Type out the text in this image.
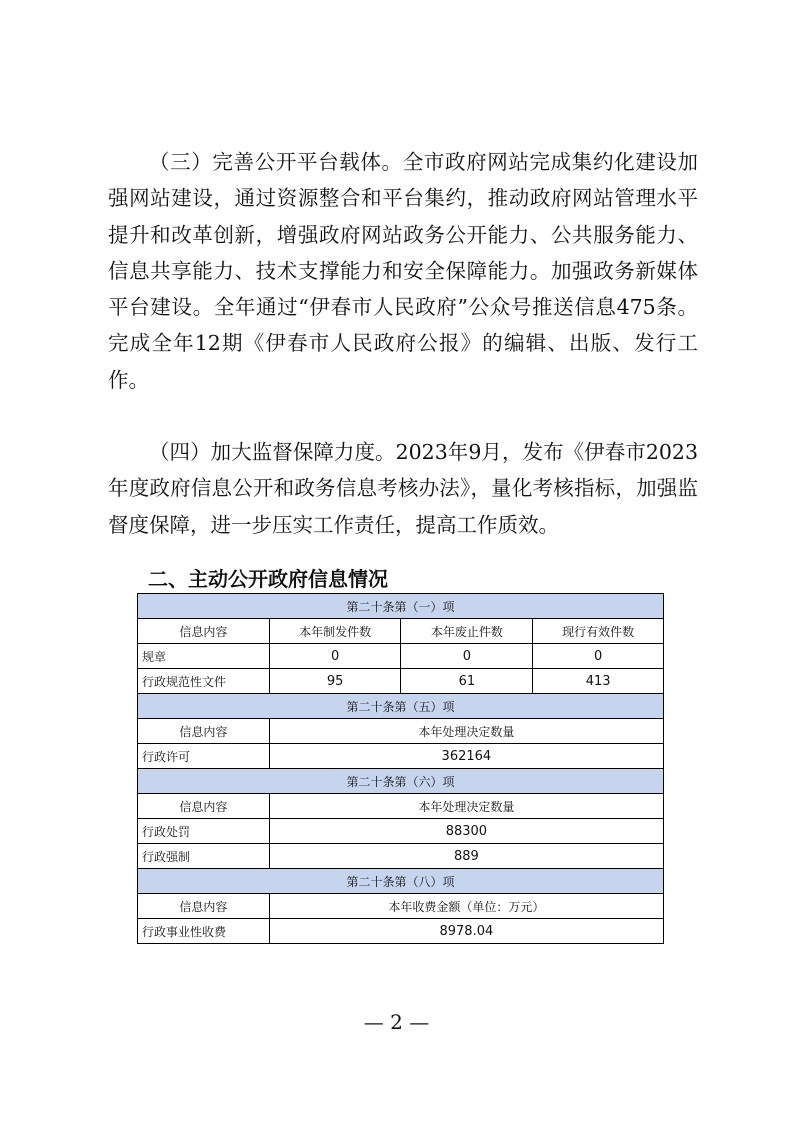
（三）完善公开平台载体。全市政府网站完成集约化建设加强网站建设，通过资源整合和平台集约，推动政府网站管理水平提升和改革创新，增强政府网站政务公开能力、公共服务能力、信息共享能力、技术支撑能力和安全保障能力。加强政务新媒体平台建设。全年通过“伊春市人民政府”公众号推送信息475条。完成全年12期《伊春市人民政府公报》的编辑、出版、发行工作。

（四）加大监督保障力度。2023年9月，发布《伊春市2023年度政府信息公开和政务信息考核办法》，量化考核指标，加强监督度保障，进一步压实工作责任，提高工作质效。

二、主动公开政府信息情况
第二十条第（一）项			
信息内容	本年制发件数	本年废止件数	现行有效件数
规章	0	0	0
行政规范性文件	95	61	413
第二十条第（五）项			
信息内容	本年处理决定数量		
行政许可	362164		
第二十条第（六）项			
信息内容	本年处理决定数量		
行政处罚	88300		
行政强制	889		
第二十条第（八）项			
信息内容	本年收费金额（单位：万元）		
行政事业性收费	8978.04		

— 2 —
